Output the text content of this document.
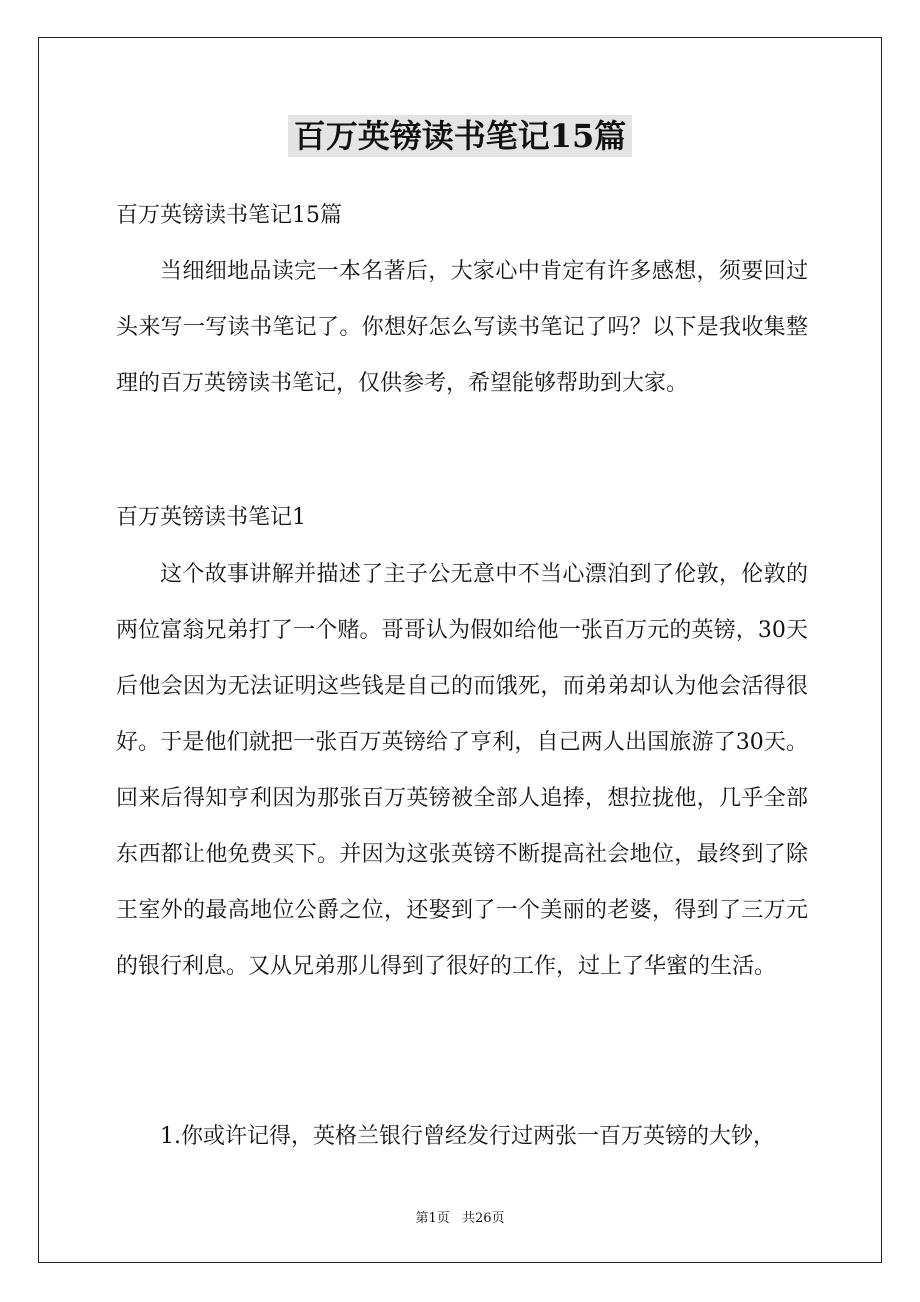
百万英镑读书笔记15篇

百万英镑读书笔记15篇

当细细地品读完一本名著后，大家心中肯定有许多感想，须要回过头来写一写读书笔记了。你想好怎么写读书笔记了吗？以下是我收集整理的百万英镑读书笔记，仅供参考，希望能够帮助到大家。

百万英镑读书笔记1

这个故事讲解并描述了主子公无意中不当心漂泊到了伦敦，伦敦的两位富翁兄弟打了一个赌。哥哥认为假如给他一张百万元的英镑，30天后他会因为无法证明这些钱是自己的而饿死，而弟弟却认为他会活得很好。于是他们就把一张百万英镑给了亨利，自己两人出国旅游了30天。回来后得知亨利因为那张百万英镑被全部人追捧，想拉拢他，几乎全部东西都让他免费买下。并因为这张英镑不断提高社会地位，最终到了除王室外的最高地位公爵之位，还娶到了一个美丽的老婆，得到了三万元的银行利息。又从兄弟那儿得到了很好的工作，过上了华蜜的生活。

1.你或许记得，英格兰银行曾经发行过两张一百万英镑的大钞，

第1页 共26页
